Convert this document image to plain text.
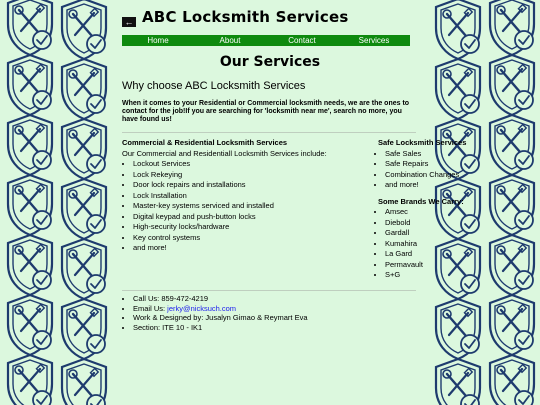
← ABC Locksmith Services
Home	About	Contact	Services
Our Services
Why choose ABC Locksmith Services
When it comes to your Residential or Commercial locksmith needs, we are the ones to contact for the job!If you are searching for 'locksmith near me', search no more, you have found us!
Commercial & Residential Locksmith Services
Our Commercial and Residentiall Locksmith Services include:
• Lockout Services
• Lock Rekeying
• Door lock repairs and installations
• Lock Installation
• Master-key systems serviced and installed
• Digital keypad and push-button locks
• High-security locks/hardware
• Key control systems
• and more!
Safe Locksmith Services
• Safe Sales
• Safe Repairs
• Combination Changes
• and more!
Some Brands We Carry:
• Amsec
• Diebold
• Gardall
• Kumahira
• La Gard
• Permavault
• S+G
• Call Us: 859-472-4219
• Email Us: jerky@nicksuch.com
• Work & Designed by: Jusalyn Gimao & Reymart Eva
• Section: ITE 10 - IK1
